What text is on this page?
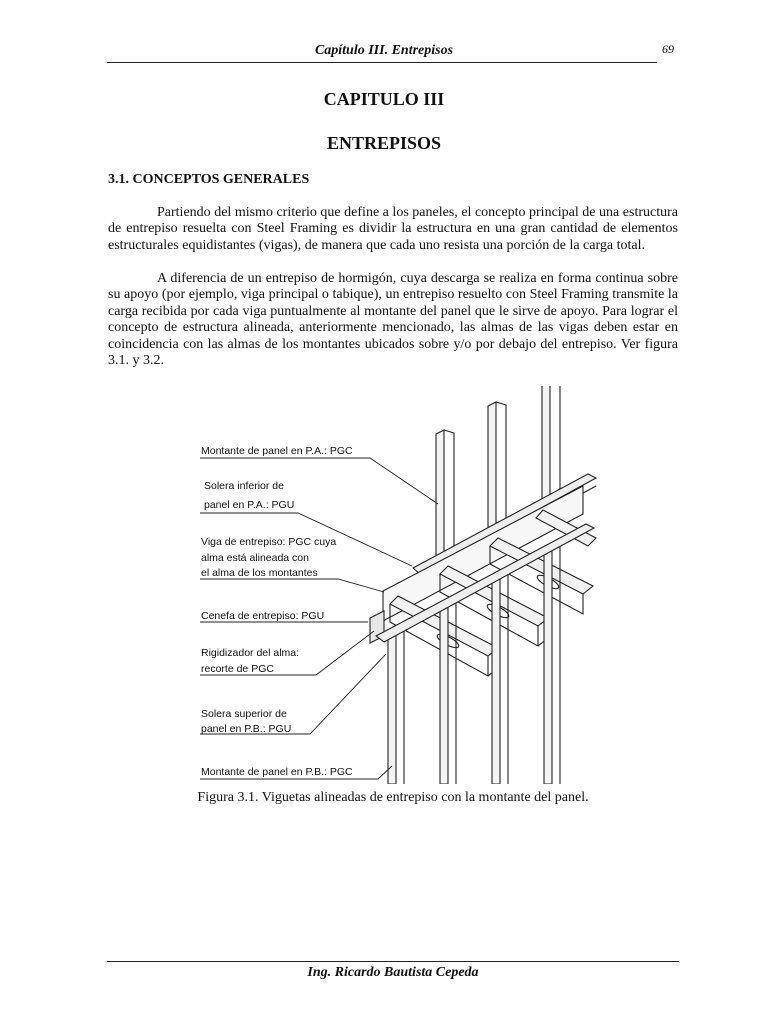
Capítulo III. Entrepisos	69
CAPITULO III
ENTREPISOS
3.1. CONCEPTOS GENERALES

Partiendo del mismo criterio que define a los paneles, el concepto principal de una estructura de entrepiso resuelta con Steel Framing es dividir la estructura en una gran cantidad de elementos estructurales equidistantes (vigas), de manera que cada uno resista una porción de la carga total.

A diferencia de un entrepiso de hormigón, cuya descarga se realiza en forma continua sobre su apoyo (por ejemplo, viga principal o tabique), un entrepiso resuelto con Steel Framing transmite la carga recibida por cada viga puntualmente al montante del panel que le sirve de apoyo. Para lograr el concepto de estructura alineada, anteriormente mencionado, las almas de las vigas deben estar en coincidencia con las almas de los montantes ubicados sobre y/o por debajo del entrepiso. Ver figura 3.1. y 3.2.

Montante de panel en P.A.: PGC
Solera inferior de
panel en P.A.: PGU
Viga de entrepiso: PGC cuya
alma está alineada con
el alma de los montantes
Cenefa de entrepiso: PGU
Rigidizador del alma:
recorte de PGC
Solera superior de
panel en P.B.: PGU
Montante de panel en P.B.: PGC
Figura 3.1. Viguetas alineadas de entrepiso con la montante del panel.
Ing. Ricardo Bautista Cepeda
